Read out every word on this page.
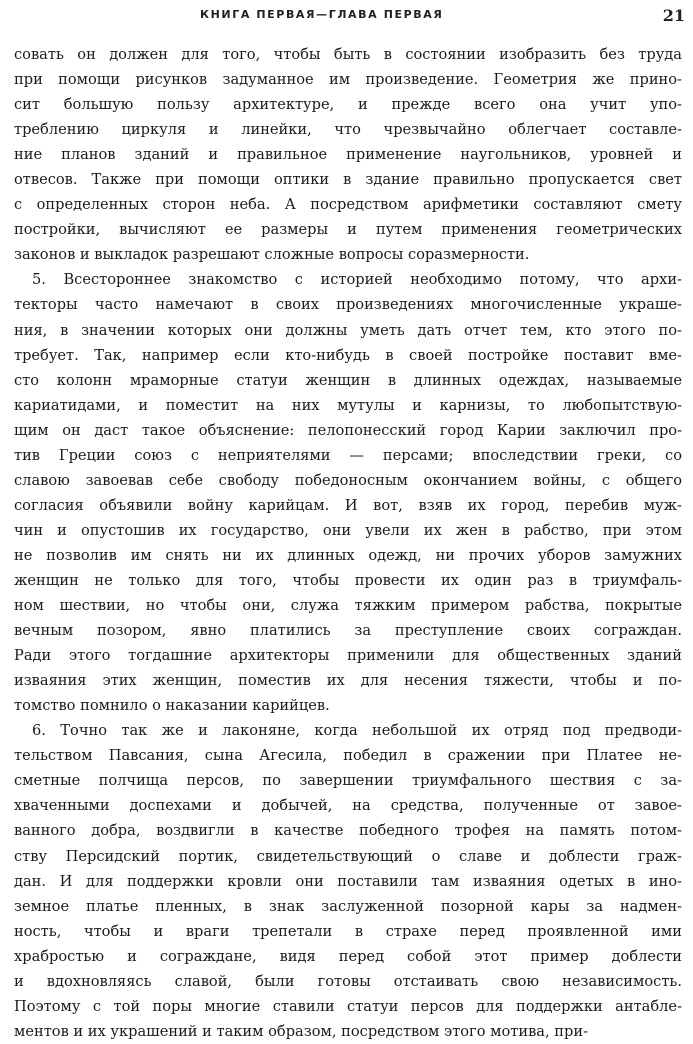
КНИГА ПЕРВАЯ—ГЛАВА ПЕРВАЯ	21
совать он должен для того, чтобы быть в состоянии изобразить без труда
при помощи рисунков задуманное им произведение. Геометрия же прино-
сит большую пользу архитектуре, и прежде всего она учит упо-
треблению циркуля и линейки, что чрезвычайно облегчает составле-
ние планов зданий и правильное применение наугольников, уровней и
отвесов. Также при помощи оптики в здание правильно пропускается свет
с определенных сторон неба. А посредством арифметики составляют смету
постройки, вычисляют ее размеры и путем применения геометрических
законов и выкладок разрешают сложные вопросы соразмерности.
5. Всестороннее знакомство с историей необходимо потому, что архи-
текторы часто намечают в своих произведениях многочисленные украше-
ния, в значении которых они должны уметь дать отчет тем, кто этого по-
требует. Так, например если кто-нибудь в своей постройке поставит вме-
сто колонн мраморные статуи женщин в длинных одеждах, называемые
кариатидами, и поместит на них мутулы и карнизы, то любопытствую-
щим он даст такое объяснение: пелопонесский город Карии заключил про-
тив Греции союз с неприятелями — персами; впоследствии греки, со
славою завоевав себе свободу победоносным окончанием войны, с общего
согласия объявили войну карийцам. И вот, взяв их город, перебив муж-
чин и опустошив их государство, они увели их жен в рабство, при этом
не позволив им снять ни их длинных одежд, ни прочих уборов замужних
женщин не только для того, чтобы провести их один раз в триумфаль-
ном шествии, но чтобы они, служа тяжким примером рабства, покрытые
вечным позором, явно платились за преступление своих сограждан.
Ради этого тогдашние архитекторы применили для общественных зданий
изваяния этих женщин, поместив их для несения тяжести, чтобы и по-
томство помнило о наказании карийцев.
6. Точно так же и лаконяне, когда небольшой их отряд под предводи-
тельством Павсания, сына Агесила, победил в сражении при Платее не-
сметные полчища персов, по завершении триумфального шествия с за-
хваченными доспехами и добычей, на средства, полученные от завое-
ванного добра, воздвигли в качестве победного трофея на память потом-
ству Персидский портик, свидетельствующий о славе и доблести граж-
дан. И для поддержки кровли они поставили там изваяния одетых в ино-
земное платье пленных, в знак заслуженной позорной кары за надмен-
ность, чтобы и враги трепетали в страхе перед проявленной ими
храбростью и сограждане, видя перед собой этот пример доблести
и вдохновляясь славой, были готовы отстаивать свою независимость.
Поэтому с той поры многие ставили статуи персов для поддержки антабле-
ментов и их украшений и таким образом, посредством этого мотива, при-
